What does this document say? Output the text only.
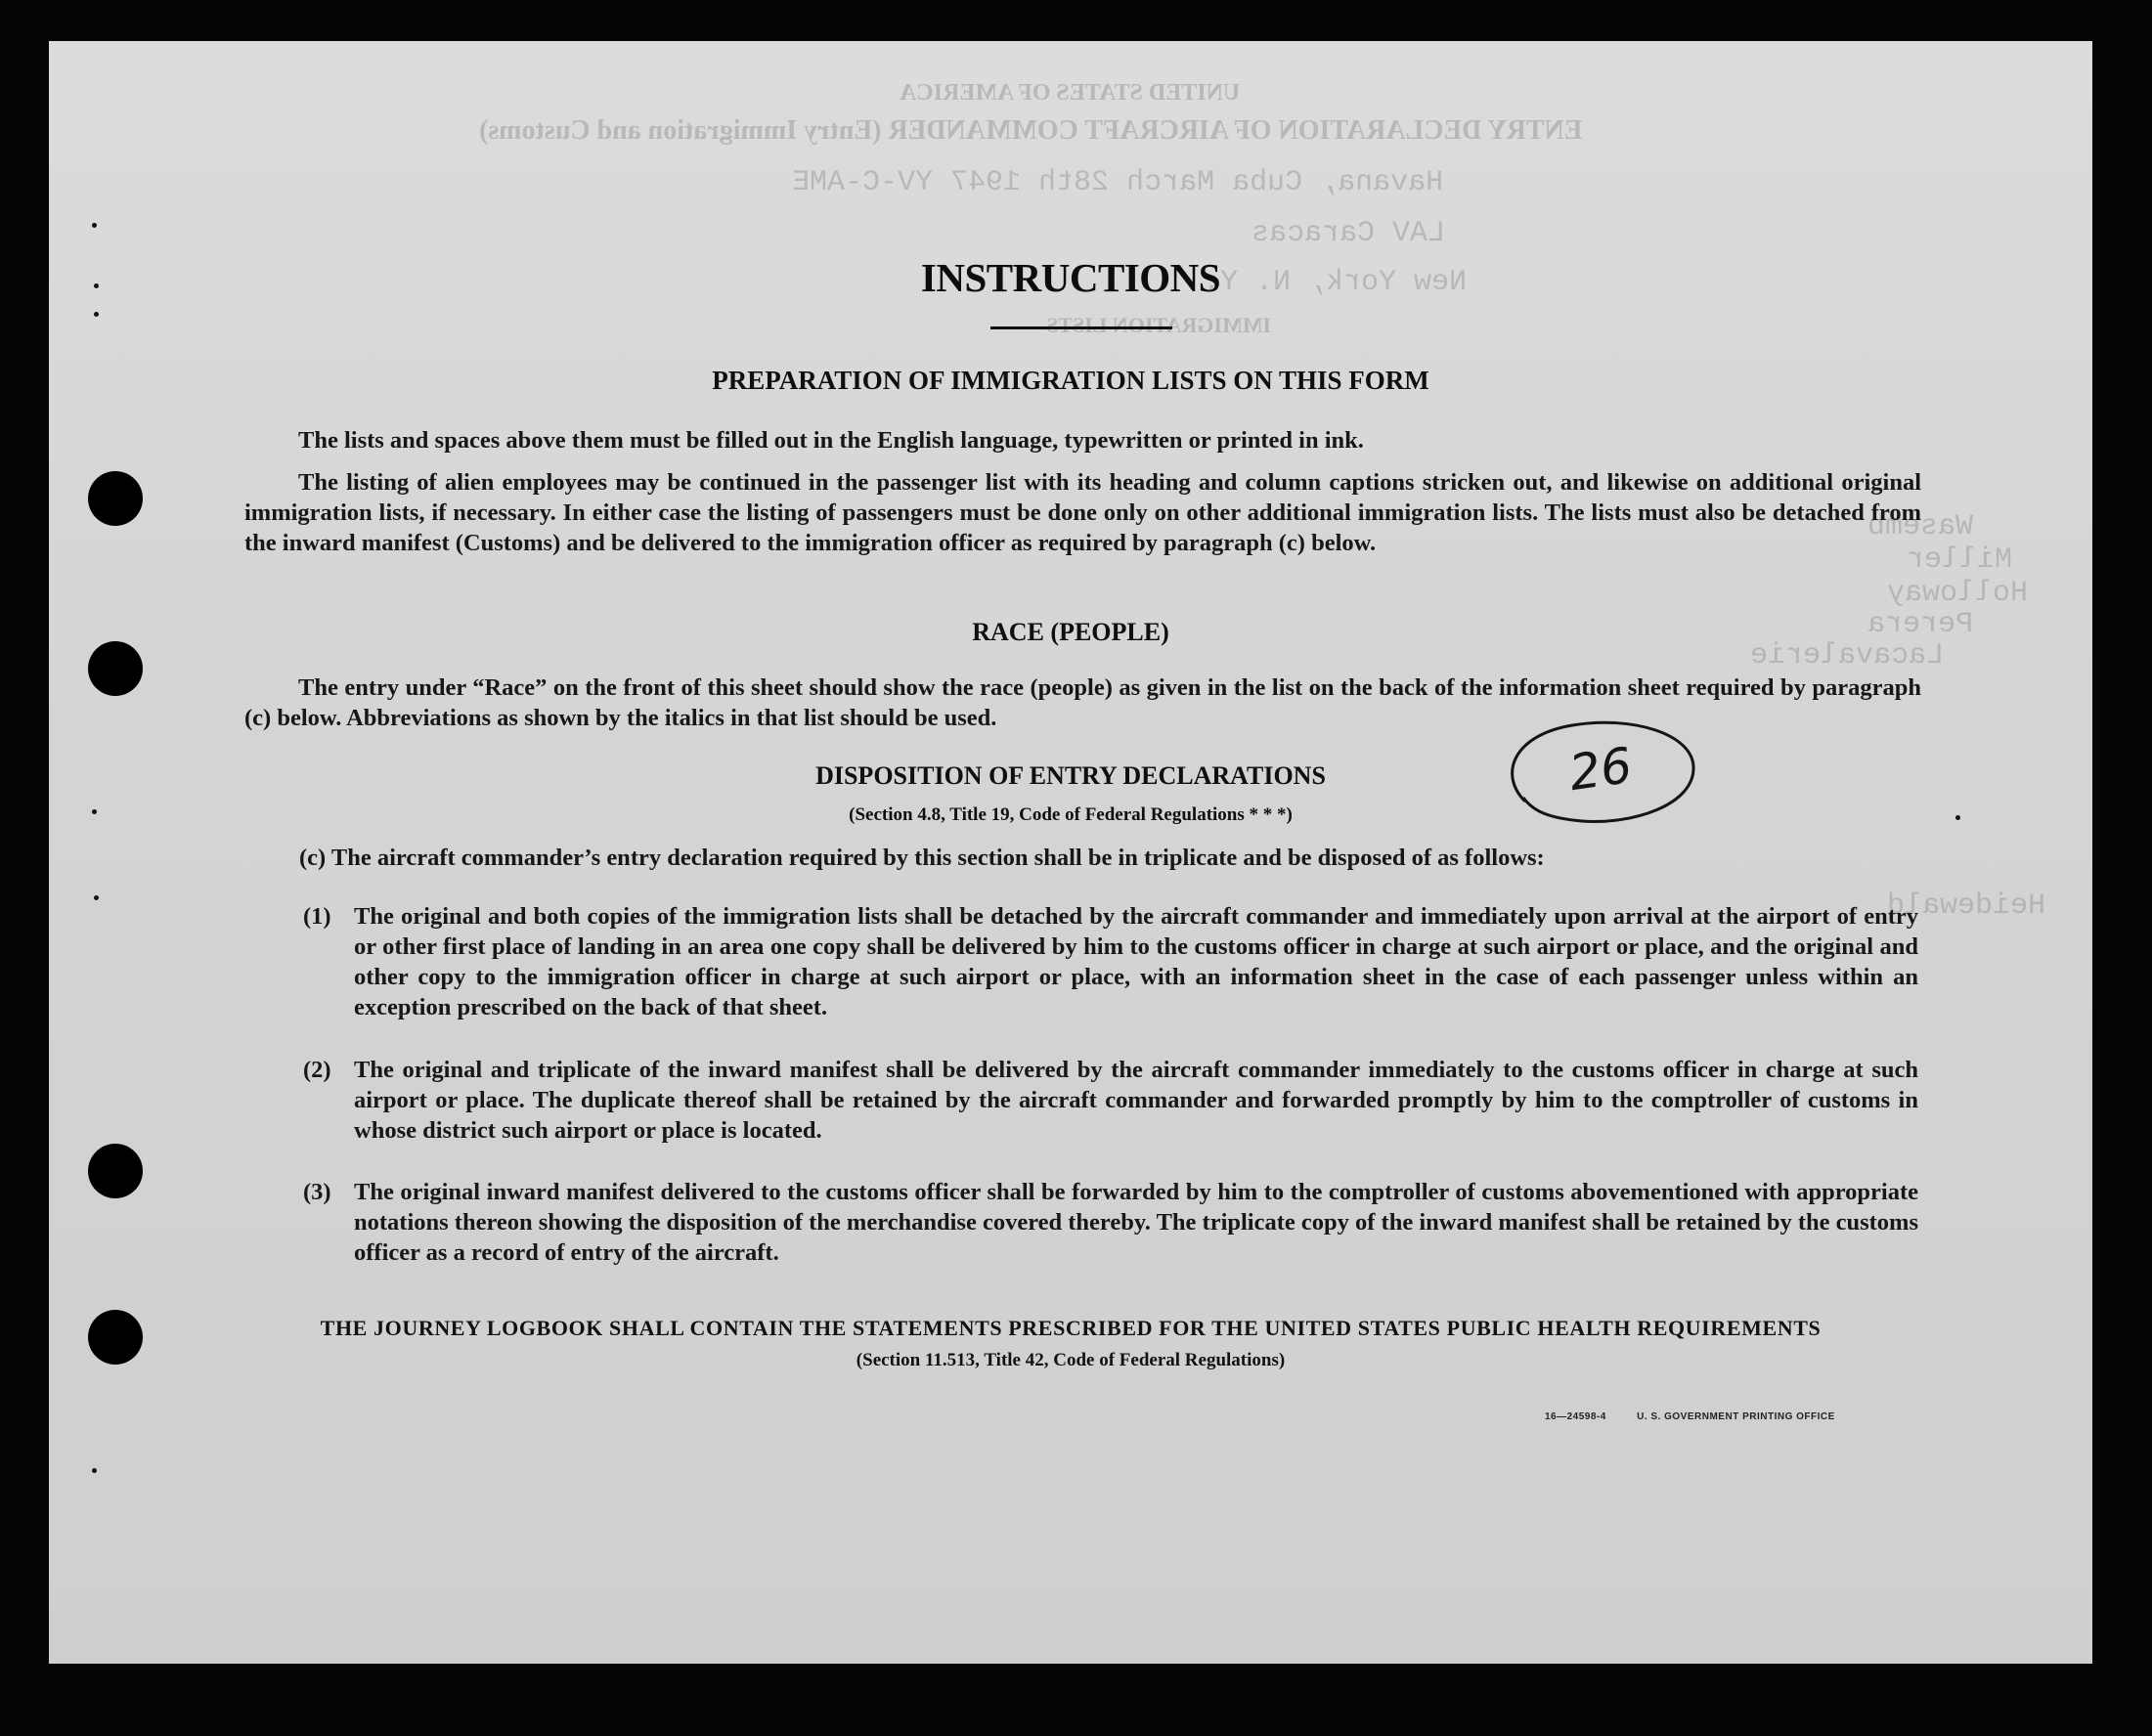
UNITED STATES OF AMERICA
ENTRY DECLARATION OF AIRCRAFT COMMANDER (Entry Immigration and Customs)
Havana, Cuba March 28th 1947 YV-C-AME
LAV Caracas
New York, N. Y.
IMMIGRATION LISTS
Wasemb
Miller
Holloway
Perera
Lacavalerie
Heidewald
INSTRUCTIONS
PREPARATION OF IMMIGRATION LISTS ON THIS FORM
The lists and spaces above them must be filled out in the English language, typewritten or printed in ink.
The listing of alien employees may be continued in the passenger list with its heading and column captions stricken out, and likewise on additional original immigration lists, if necessary. In either case the listing of passengers must be done only on other additional immigration lists. The lists must also be detached from the inward manifest (Customs) and be delivered to the immigration officer as required by paragraph (c) below.
RACE (PEOPLE)
The entry under “Race” on the front of this sheet should show the race (people) as given in the list on the back of the information sheet required by paragraph (c) below. Abbreviations as shown by the italics in that list should be used.
26
DISPOSITION OF ENTRY DECLARATIONS
(Section 4.8, Title 19, Code of Federal Regulations * * *)
(c) The aircraft commander’s entry declaration required by this section shall be in triplicate and be disposed of as follows:
(1) The original and both copies of the immigration lists shall be detached by the aircraft commander and immediately upon arrival at the airport of entry or other first place of landing in an area one copy shall be delivered by him to the customs officer in charge at such airport or place, and the original and other copy to the immigration officer in charge at such airport or place, with an information sheet in the case of each passenger unless within an exception prescribed on the back of that sheet.
(2) The original and triplicate of the inward manifest shall be delivered by the aircraft commander immediately to the customs officer in charge at such airport or place. The duplicate thereof shall be retained by the aircraft commander and forwarded promptly by him to the comptroller of customs in whose district such airport or place is located.
(3) The original inward manifest delivered to the customs officer shall be forwarded by him to the comptroller of customs abovementioned with appropriate notations thereon showing the disposition of the merchandise covered thereby. The triplicate copy of the inward manifest shall be retained by the customs officer as a record of entry of the aircraft.
THE JOURNEY LOGBOOK SHALL CONTAIN THE STATEMENTS PRESCRIBED FOR THE UNITED STATES PUBLIC HEALTH REQUIREMENTS
(Section 11.513, Title 42, Code of Federal Regulations)
16—24598-4	U. S. GOVERNMENT PRINTING OFFICE
